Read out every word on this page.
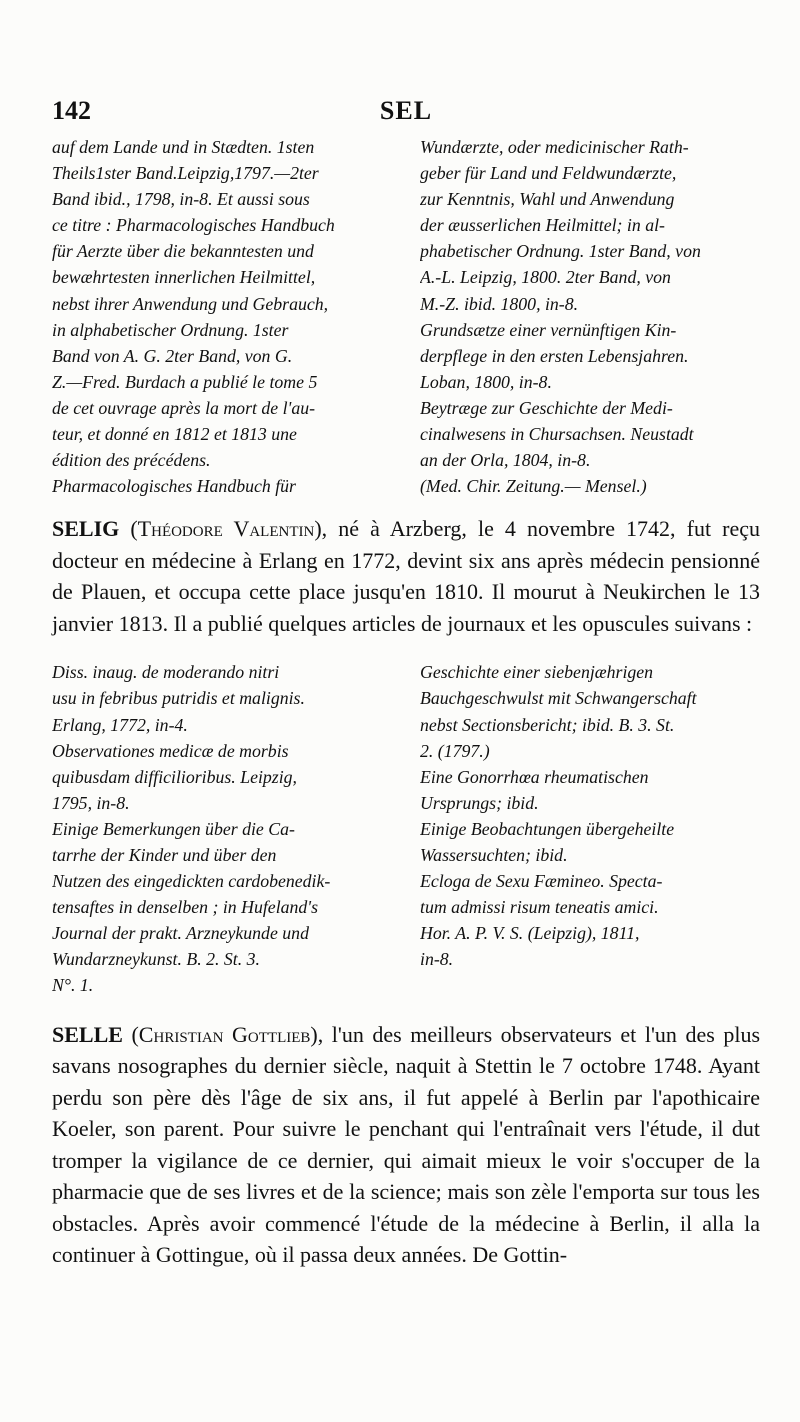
142	SEL
auf dem Lande und in Stædten. 1sten
Theils1ster Band.Leipzig,1797.—2ter
Band ibid., 1798, in-8. Et aussi sous
ce titre : Pharmacologisches Handbuch
für Aerzte über die bekanntesten und
bewæhrtesten innerlichen Heilmittel,
nebst ihrer Anwendung und Gebrauch,
in alphabetischer Ordnung. 1ster
Band von A. G. 2ter Band, von G.
Z.—Fred. Burdach a publié le tome 5
de cet ouvrage après la mort de l'au-
teur, et donné en 1812 et 1813 une
édition des précédens.
Pharmacologisches Handbuch für
Wundærzte, oder medicinischer Rath-
geber für Land und Feldwundærzte,
zur Kenntnis, Wahl und Anwendung
der æusserlichen Heilmittel; in al-
phabetischer Ordnung. 1ster Band, von
A.-L. Leipzig, 1800. 2ter Band, von
M.-Z. ibid. 1800, in-8.
Grundsætze einer vernünftigen Kin-
derpflege in den ersten Lebensjahren.
Loban, 1800, in-8.
Beytræge zur Geschichte der Medi-
cinalwesens in Chursachsen. Neustadt
an der Orla, 1804, in-8.
(Med. Chir. Zeitung.— Mensel.)
SELIG (Théodore Valentin), né à Arzberg, le 4 novembre 1742, fut reçu docteur en médecine à Erlang en 1772, devint six ans après médecin pensionné de Plauen, et occupa cette place jusqu'en 1810. Il mourut à Neukirchen le 13 janvier 1813. Il a publié quelques articles de journaux et les opuscules suivans :
Diss. inaug. de moderando nitri
usu in febribus putridis et malignis.
Erlang, 1772, in-4.
Observationes medicæ de morbis
quibusdam difficilioribus. Leipzig,
1795, in-8.
Einige Bemerkungen über die Ca-
tarrhe der Kinder und über den
Nutzen des eingedickten cardobenedik-
tensaftes in denselben ; in Hufeland's
Journal der prakt. Arzneykunde und
Wundarzneykunst. B. 2. St. 3.
N°. 1.
Geschichte einer siebenjæhrigen
Bauchgeschwulst mit Schwangerschaft
nebst Sectionsbericht; ibid. B. 3. St.
2. (1797.)
Eine Gonorrhœa rheumatischen
Ursprungs; ibid.
Einige Beobachtungen übergeheilte
Wassersuchten; ibid.
Ecloga de Sexu Fæmineo. Specta-
tum admissi risum teneatis amici.
Hor. A. P. V. S. (Leipzig), 1811,
in-8.
SELLE (Christian Gottlieb), l'un des meilleurs observateurs et l'un des plus savans nosographes du dernier siècle, naquit à Stettin le 7 octobre 1748. Ayant perdu son père dès l'âge de six ans, il fut appelé à Berlin par l'apothicaire Koeler, son parent. Pour suivre le penchant qui l'entraînait vers l'étude, il dut tromper la vigilance de ce dernier, qui aimait mieux le voir s'occuper de la pharmacie que de ses livres et de la science; mais son zèle l'emporta sur tous les obstacles. Après avoir commencé l'étude de la médecine à Berlin, il alla la continuer à Gottingue, où il passa deux années. De Gottin-
